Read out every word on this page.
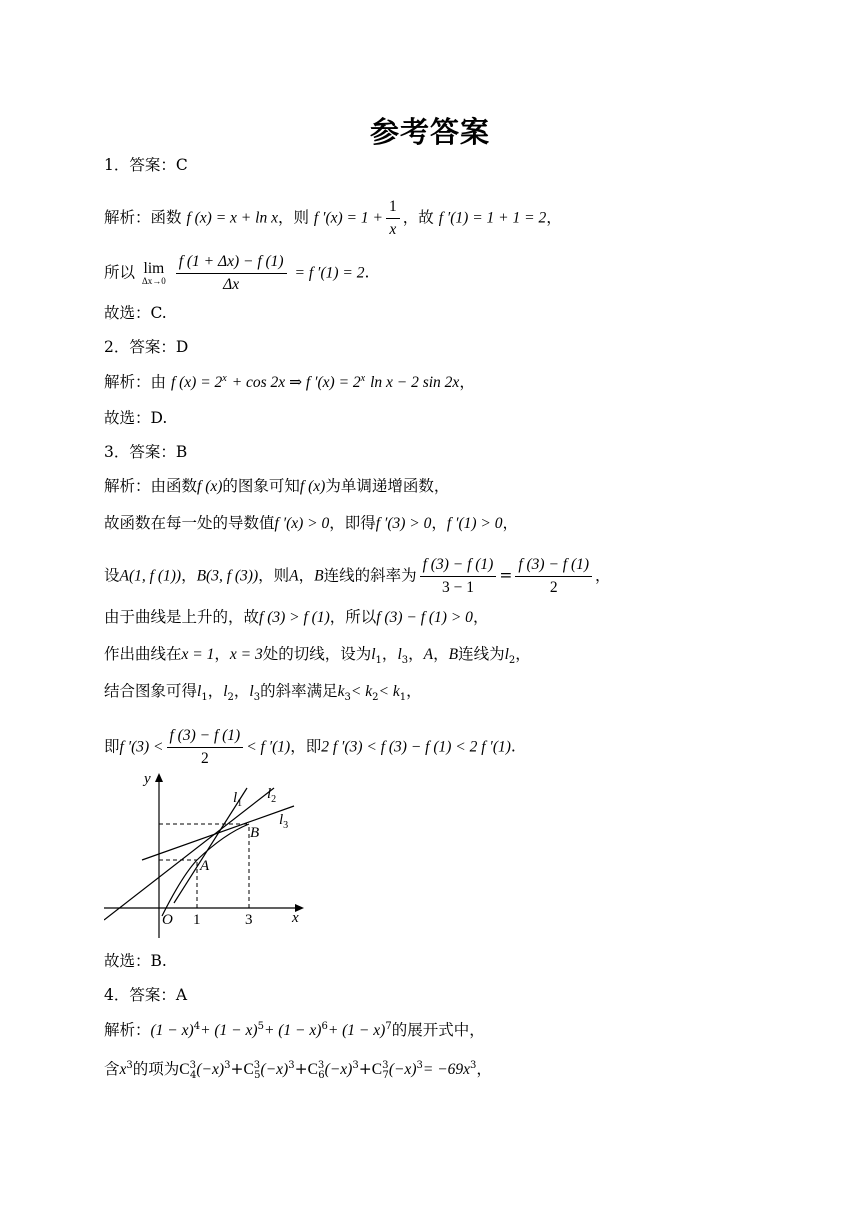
参考答案
1．答案：C
解析：函数 f (x) = x + ln x，则 f $'(x) = 1 + \frac{1}{x}$ ，故 f ′(1) = 1 + 1 = 2，
所以 lim
Δx→0
$\frac{f (1 + \Delta x) - f (1)}{\Delta x} = f$ ′(1) = 2.
故选：C.
2．答案：D
解析：由 f $(x) = 2^x + \cos 2x$ ⇒ f $'(x) = 2^x$ ln x − 2 sin 2x，
故选：D.
3．答案：B
解析：由函数f (x)的图象可知f (x)为单调递增函数，
故函数在每一处的导数值f ′(x) > 0，即得f ′(3) > 0，f ′(1) > 0，
设A(1, f (1))，B(3, f (3))，则A，B连线的斜率为 $\frac{f (3) - f (1)}{3 - 1} = \frac{f (3) - f (1)}{2}$ ，
由于曲线是上升的，故f (3) > f (1)，所以f (3) − f (1) > 0，
作出曲线在x = 1，x = 3处的切线，设为$l_1$，$l_3$，A，B连线为$l_2$，
结合图象可得$l_1$，$l_2$，$l_3$的斜率满足$k_3< k_2< k_1$，
即f $'(3) < \frac{f (3) - f (1)}{2} < f$ ′(1)，即2 f ′(3) < f (3) − f (1) < 2 f ′(1).
y
x
O 1	3
A
B
$l_1$
$l_2$
$l_3$
故选：B.
4．答案：A
解析：$(1 - x)^4+ (1 - x)^5+ (1 - x)^6+ (1 - x)^7$的展开式中，
含$x^3$的项为$C^3_4(-x)^3+C^3_5(-x)^3+C^3_6(-x)^3+C^3_7(-x)^3= -69x^3$，
